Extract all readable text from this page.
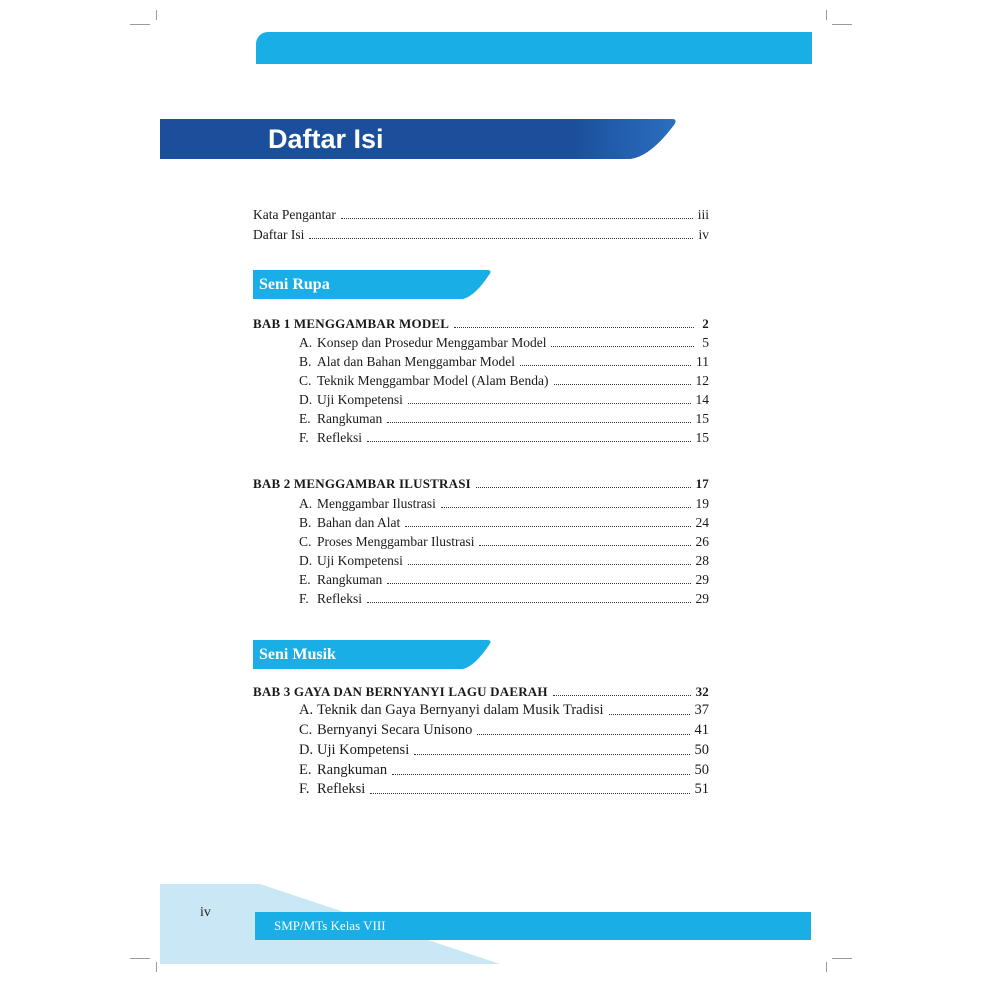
Daftar Isi
Kata Pengantar	iii
Daftar Isi	iv
Seni Rupa
BAB 1 MENGGAMBAR MODEL	2
A. Konsep dan Prosedur Menggambar Model	5
B. Alat dan Bahan Menggambar Model	11
C. Teknik Menggambar Model (Alam Benda)	12
D. Uji Kompetensi	14
E. Rangkuman	15
F. Refleksi	15
BAB 2 MENGGAMBAR ILUSTRASI	17
A. Menggambar Ilustrasi	19
B. Bahan dan Alat	24
C. Proses Menggambar Ilustrasi	26
D. Uji Kompetensi	28
E. Rangkuman	29
F. Refleksi	29
Seni Musik
BAB 3 GAYA DAN BERNYANYI LAGU DAERAH	32
A. Teknik dan Gaya Bernyanyi dalam Musik Tradisi	37
C. Bernyanyi Secara Unisono	41
D. Uji Kompetensi	50
E. Rangkuman	50
F. Refleksi	51
SMP/MTs Kelas VIII
iv
